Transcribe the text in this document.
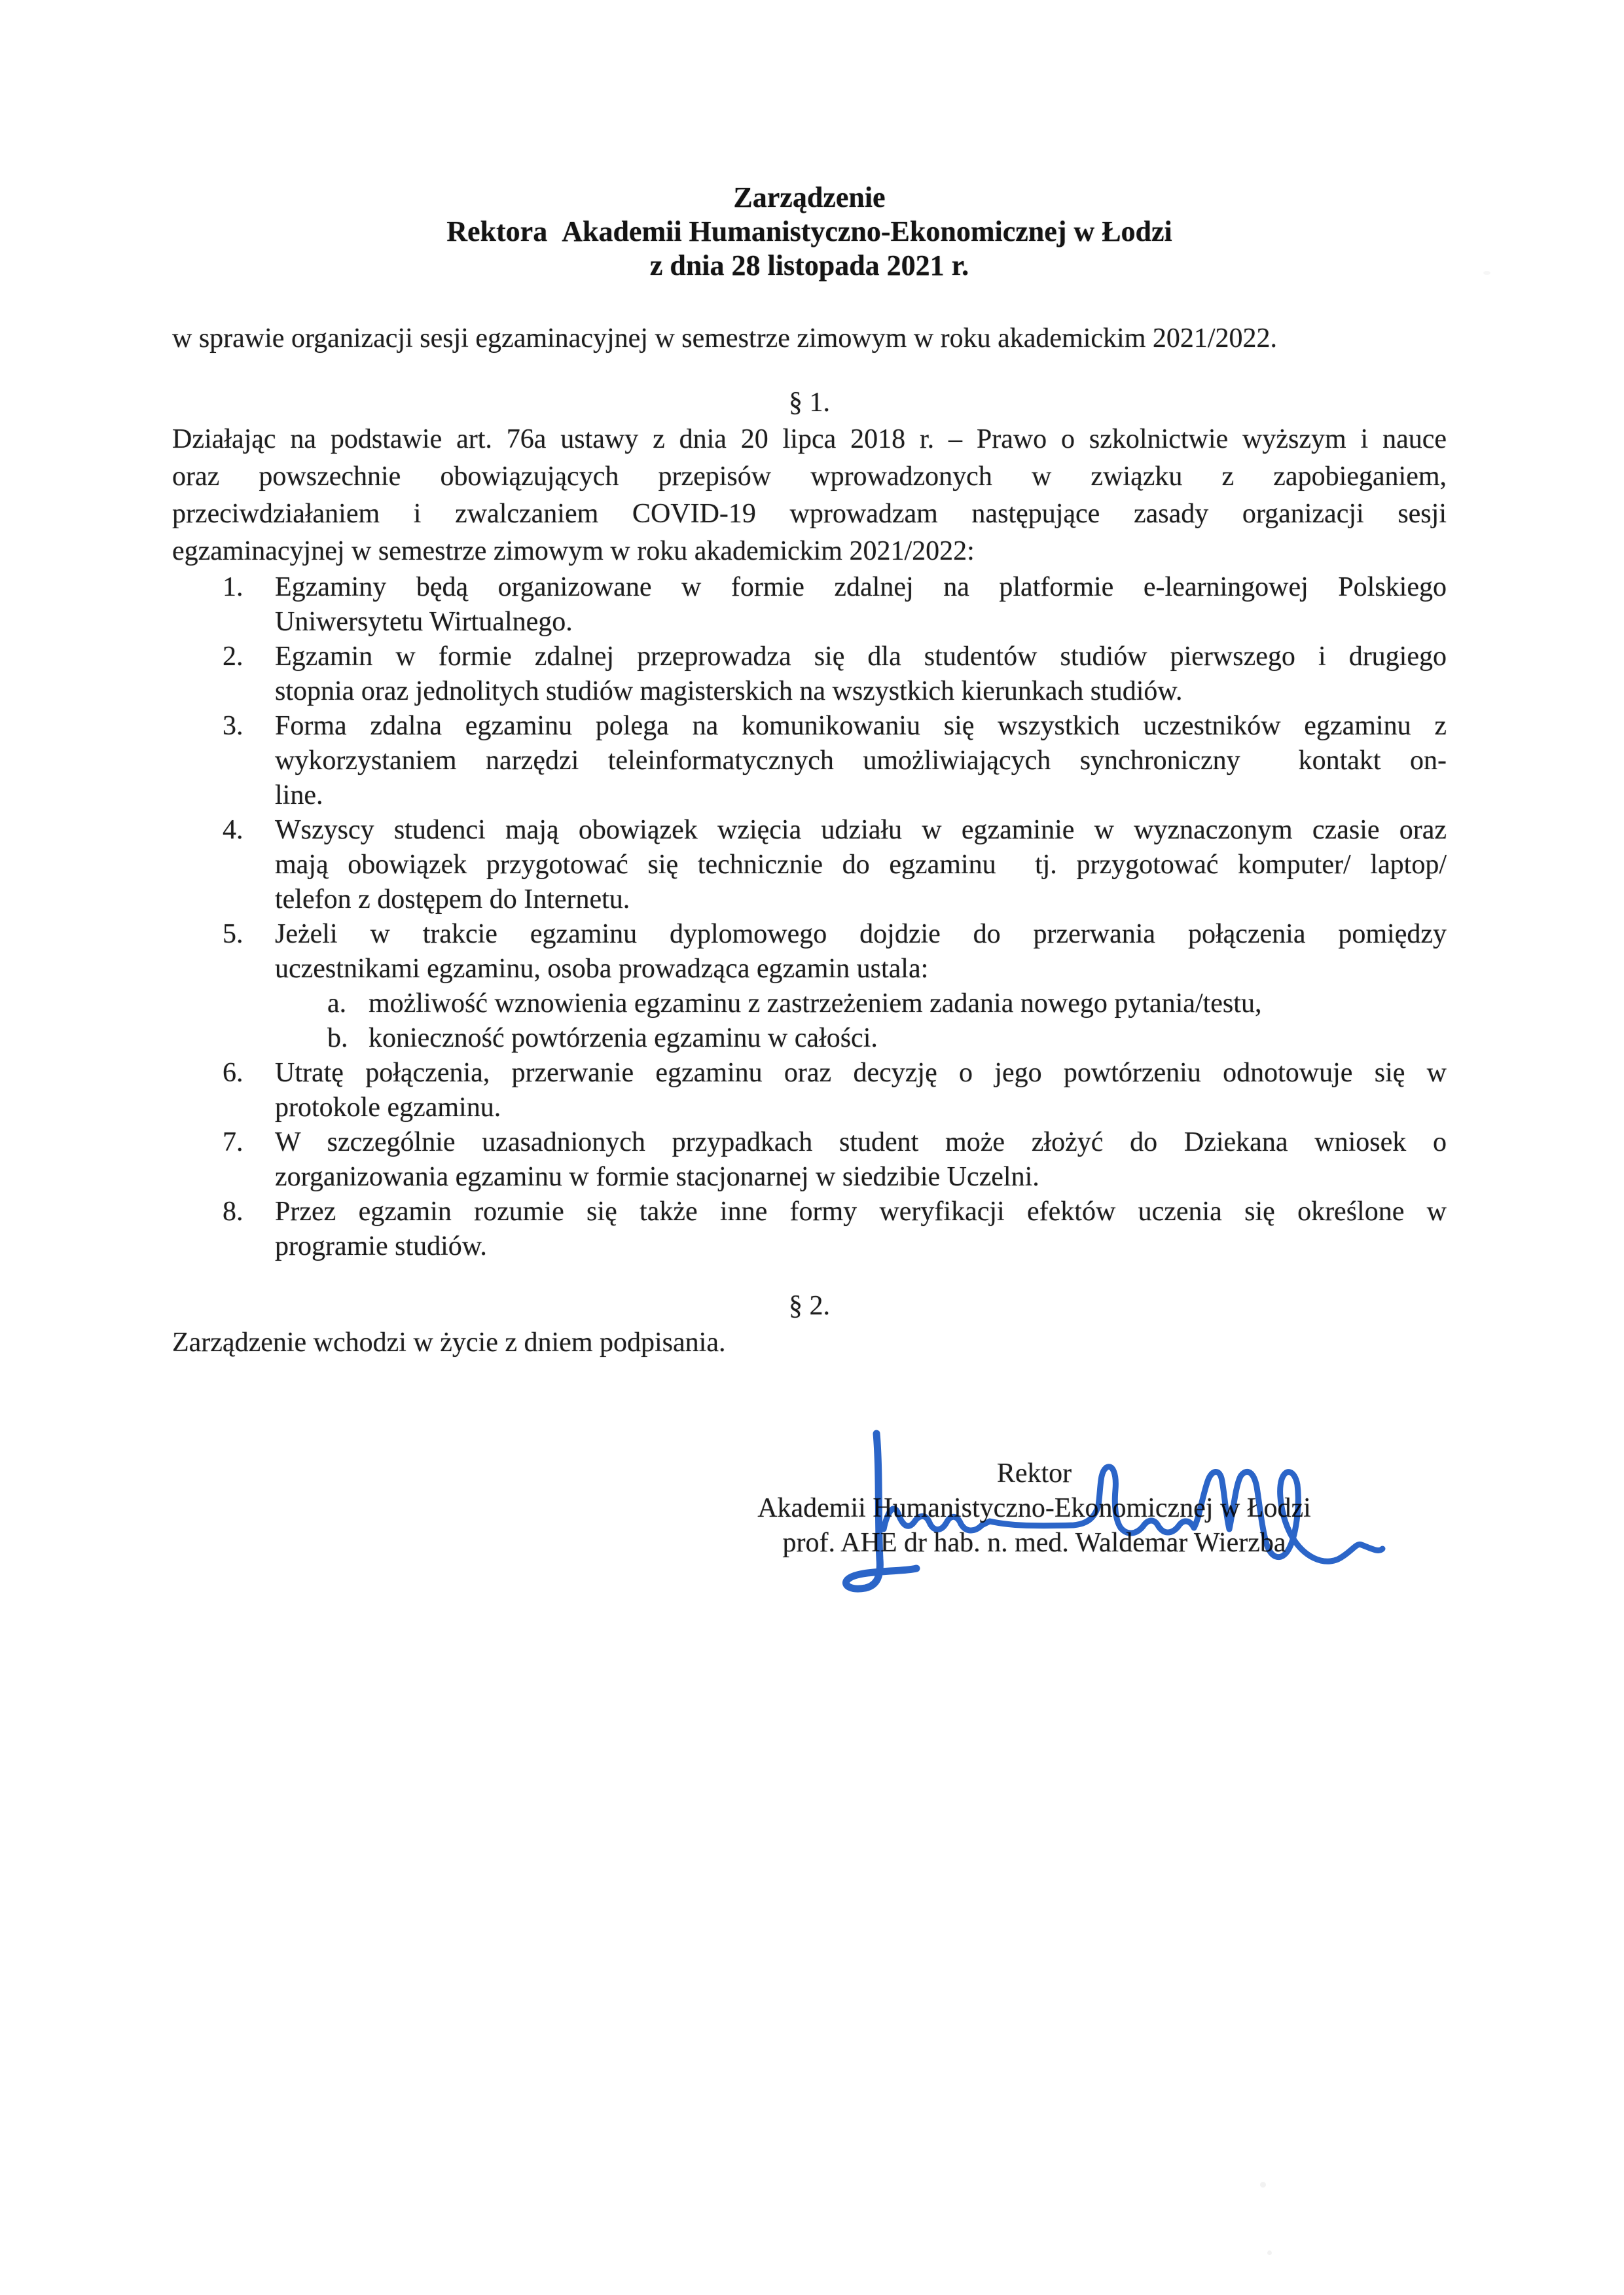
Zarządzenie
Rektora  Akademii Humanistyczno-Ekonomicznej w Łodzi
z dnia 28 listopada 2021 r.

w sprawie organizacji sesji egzaminacyjnej w semestrze zimowym w roku akademickim 2021/2022.

§ 1.
Działając na podstawie art. 76a ustawy z dnia 20 lipca 2018 r. – Prawo o szkolnictwie wyższym i nauce
oraz powszechnie obowiązujących przepisów wprowadzonych w związku z zapobieganiem,
przeciwdziałaniem i zwalczaniem COVID-19 wprowadzam następujące zasady organizacji sesji
egzaminacyjnej w semestrze zimowym w roku akademickim 2021/2022:
1. Egzaminy będą organizowane w formie zdalnej na platformie e-learningowej Polskiego
Uniwersytetu Wirtualnego.
2. Egzamin w formie zdalnej przeprowadza się dla studentów studiów pierwszego i drugiego
stopnia oraz jednolitych studiów magisterskich na wszystkich kierunkach studiów.
3. Forma zdalna egzaminu polega na komunikowaniu się wszystkich uczestników egzaminu z
wykorzystaniem narzędzi teleinformatycznych umożliwiających synchroniczny  kontakt on-
line.
4. Wszyscy studenci mają obowiązek wzięcia udziału w egzaminie w wyznaczonym czasie oraz
mają obowiązek przygotować się technicznie do egzaminu  tj. przygotować komputer/ laptop/
telefon z dostępem do Internetu.
5. Jeżeli w trakcie egzaminu dyplomowego dojdzie do przerwania połączenia pomiędzy
uczestnikami egzaminu, osoba prowadząca egzamin ustala:
a. możliwość wznowienia egzaminu z zastrzeżeniem zadania nowego pytania/testu,
b. konieczność powtórzenia egzaminu w całości.
6. Utratę połączenia, przerwanie egzaminu oraz decyzję o jego powtórzeniu odnotowuje się w
protokole egzaminu.
7. W szczególnie uzasadnionych przypadkach student może złożyć do Dziekana wniosek o
zorganizowania egzaminu w formie stacjonarnej w siedzibie Uczelni.
8. Przez egzamin rozumie się także inne formy weryfikacji efektów uczenia się określone w
programie studiów.
§ 2.
Zarządzenie wchodzi w życie z dniem podpisania.
Rektor
Akademii Humanistyczno-Ekonomicznej w Łodzi
prof. AHE dr hab. n. med. Waldemar Wierzba
